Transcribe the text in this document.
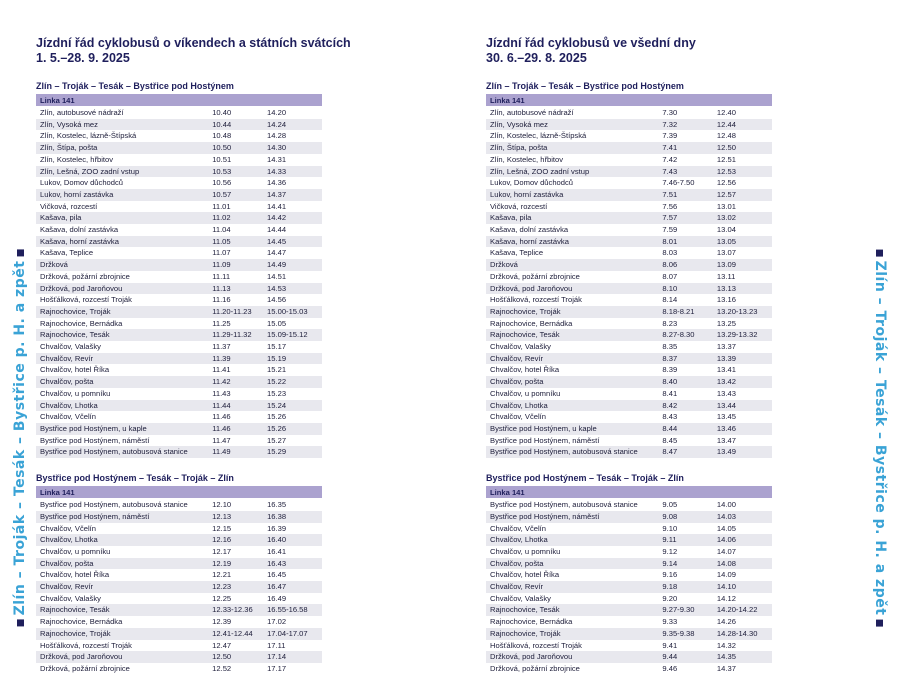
Zlín – Troják – Tesák – Bystřice p. H. a zpět	Zlín – Troják – Tesák – Bystřice p. H. a zpět
Jízdní řád cyklobusů o víkendech a státních svátcích
1. 5.–28. 9. 2025
Zlín – Troják – Tesák – Bystřice pod Hostýnem
Linka 141		
Zlín, autobusové nádraží	10.40	14.20
Zlín, Vysoká mez	10.44	14.24
Zlín, Kostelec, lázně-Štípská	10.48	14.28
Zlín, Štípa, pošta	10.50	14.30
Zlín, Kostelec, hřbitov	10.51	14.31
Zlín, Lešná, ZOO zadní vstup	10.53	14.33
Lukov, Domov důchodců	10.56	14.36
Lukov, horní zastávka	10.57	14.37
Vičková, rozcestí	11.01	14.41
Kašava, pila	11.02	14.42
Kašava, dolní zastávka	11.04	14.44
Kašava, horní zastávka	11.05	14.45
Kašava, Teplice	11.07	14.47
Držková	11.09	14.49
Držková, požární zbrojnice	11.11	14.51
Držková, pod Jaroňovou	11.13	14.53
Hošťálková, rozcestí Troják	11.16	14.56
Rajnochovice, Troják	11.20-11.23	15.00-15.03
Rajnochovice, Bernádka	11.25	15.05
Rajnochovice, Tesák	11.29-11.32	15.09-15.12
Chvalčov, Valašky	11.37	15.17
Chvalčov, Revír	11.39	15.19
Chvalčov, hotel Říka	11.41	15.21
Chvalčov, pošta	11.42	15.22
Chvalčov, u pomníku	11.43	15.23
Chvalčov, Lhotka	11.44	15.24
Chvalčov, Včelín	11.46	15.26
Bystřice pod Hostýnem, u kaple	11.46	15.26
Bystřice pod Hostýnem, náměstí	11.47	15.27
Bystřice pod Hostýnem, autobusová stanice	11.49	15.29
Bystřice pod Hostýnem – Tesák – Troják – Zlín
Linka 141		
Bystřice pod Hostýnem, autobusová stanice	12.10	16.35
Bystřice pod Hostýnem, náměstí	12.13	16.38
Chvalčov, Včelín	12.15	16.39
Chvalčov, Lhotka	12.16	16.40
Chvalčov, u pomníku	12.17	16.41
Chvalčov, pošta	12.19	16.43
Chvalčov, hotel Říka	12.21	16.45
Chvalčov, Revír	12.23	16.47
Chvalčov, Valašky	12.25	16.49
Rajnochovice, Tesák	12.33-12.36	16.55-16.58
Rajnochovice, Bernádka	12.39	17.02
Rajnochovice, Troják	12.41-12.44	17.04-17.07
Hošťálková, rozcestí Troják	12.47	17.11
Držková, pod Jaroňovou	12.50	17.14
Držková, požární zbrojnice	12.52	17.17
Jízdní řád cyklobusů ve všední dny
30. 6.–29. 8. 2025
Zlín – Troják – Tesák – Bystřice pod Hostýnem
Linka 141		
Zlín, autobusové nádraží	7.30	12.40
Zlín, Vysoká mez	7.32	12.44
Zlín, Kostelec, lázně-Štípská	7.39	12.48
Zlín, Štípa, pošta	7.41	12.50
Zlín, Kostelec, hřbitov	7.42	12.51
Zlín, Lešná, ZOO zadní vstup	7.43	12.53
Lukov, Domov důchodců	7.46-7.50	12.56
Lukov, horní zastávka	7.51	12.57
Vičková, rozcestí	7.56	13.01
Kašava, pila	7.57	13.02
Kašava, dolní zastávka	7.59	13.04
Kašava, horní zastávka	8.01	13.05
Kašava, Teplice	8.03	13.07
Držková	8.06	13.09
Držková, požární zbrojnice	8.07	13.11
Držková, pod Jaroňovou	8.10	13.13
Hošťálková, rozcestí Troják	8.14	13.16
Rajnochovice, Troják	8.18-8.21	13.20-13.23
Rajnochovice, Bernádka	8.23	13.25
Rajnochovice, Tesák	8.27-8.30	13.29-13.32
Chvalčov, Valašky	8.35	13.37
Chvalčov, Revír	8.37	13.39
Chvalčov, hotel Říka	8.39	13.41
Chvalčov, pošta	8.40	13.42
Chvalčov, u pomníku	8.41	13.43
Chvalčov, Lhotka	8.42	13.44
Chvalčov, Včelín	8.43	13.45
Bystřice pod Hostýnem, u kaple	8.44	13.46
Bystřice pod Hostýnem, náměstí	8.45	13.47
Bystřice pod Hostýnem, autobusová stanice	8.47	13.49
Bystřice pod Hostýnem – Tesák – Troják – Zlín
Linka 141		
Bystřice pod Hostýnem, autobusová stanice	9.05	14.00
Bystřice pod Hostýnem, náměstí	9.08	14.03
Chvalčov, Včelín	9.10	14.05
Chvalčov, Lhotka	9.11	14.06
Chvalčov, u pomníku	9.12	14.07
Chvalčov, pošta	9.14	14.08
Chvalčov, hotel Říka	9.16	14.09
Chvalčov, Revír	9.18	14.10
Chvalčov, Valašky	9.20	14.12
Rajnochovice, Tesák	9.27-9.30	14.20-14.22
Rajnochovice, Bernádka	9.33	14.26
Rajnochovice, Troják	9.35-9.38	14.28-14.30
Hošťálková, rozcestí Troják	9.41	14.32
Držková, pod Jaroňovou	9.44	14.35
Držková, požární zbrojnice	9.46	14.37
